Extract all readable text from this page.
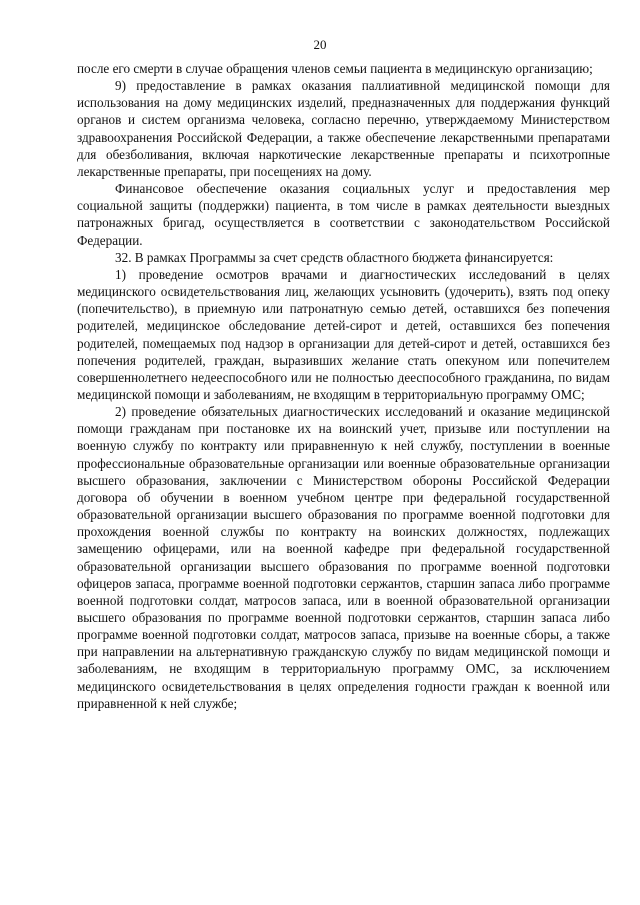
20

после его смерти в случае обращения членов семьи пациента в медицинскую организацию;

9) предоставление в рамках оказания паллиативной медицинской помощи для использования на дому медицинских изделий, предназначенных для поддержания функций органов и систем организма человека, согласно перечню, утверждаемому Министерством здравоохранения Российской Федерации, а также обеспечение лекарственными препаратами для обезболивания, включая наркотические лекарственные препараты и психотропные лекарственные препараты, при посещениях на дому.

Финансовое обеспечение оказания социальных услуг и предоставления мер социальной защиты (поддержки) пациента, в том числе в рамках деятельности выездных патронажных бригад, осуществляется в соответствии с законодательством Российской Федерации.

32. В рамках Программы за счет средств областного бюджета финансируется:

1) проведение осмотров врачами и диагностических исследований в целях медицинского освидетельствования лиц, желающих усыновить (удочерить), взять под опеку (попечительство), в приемную или патронатную семью детей, оставшихся без попечения родителей, медицинское обследование детей-сирот и детей, оставшихся без попечения родителей, помещаемых под надзор в организации для детей-сирот и детей, оставшихся без попечения родителей, граждан, выразивших желание стать опекуном или попечителем совершеннолетнего недееспособного или не полностью дееспособного гражданина, по видам медицинской помощи и заболеваниям, не входящим в территориальную программу ОМС;

2) проведение обязательных диагностических исследований и оказание медицинской помощи гражданам при постановке их на воинский учет, призыве или поступлении на военную службу по контракту или приравненную к ней службу, поступлении в военные профессиональные образовательные организации или военные образовательные организации высшего образования, заключении с Министерством обороны Российской Федерации договора об обучении в военном учебном центре при федеральной государственной образовательной организации высшего образования по программе военной подготовки для прохождения военной службы по контракту на воинских должностях, подлежащих замещению офицерами, или на военной кафедре при федеральной государственной образовательной организации высшего образования по программе военной подготовки офицеров запаса, программе военной подготовки сержантов, старшин запаса либо программе военной подготовки солдат, матросов запаса, или в военной образовательной организации высшего образования по программе военной подготовки сержантов, старшин запаса либо программе военной подготовки солдат, матросов запаса, призыве на военные сборы, а также при направлении на альтернативную гражданскую службу по видам медицинской помощи и заболеваниям, не входящим в территориальную программу ОМС, за исключением медицинского освидетельствования в целях определения годности граждан к военной или приравненной к ней службе;
